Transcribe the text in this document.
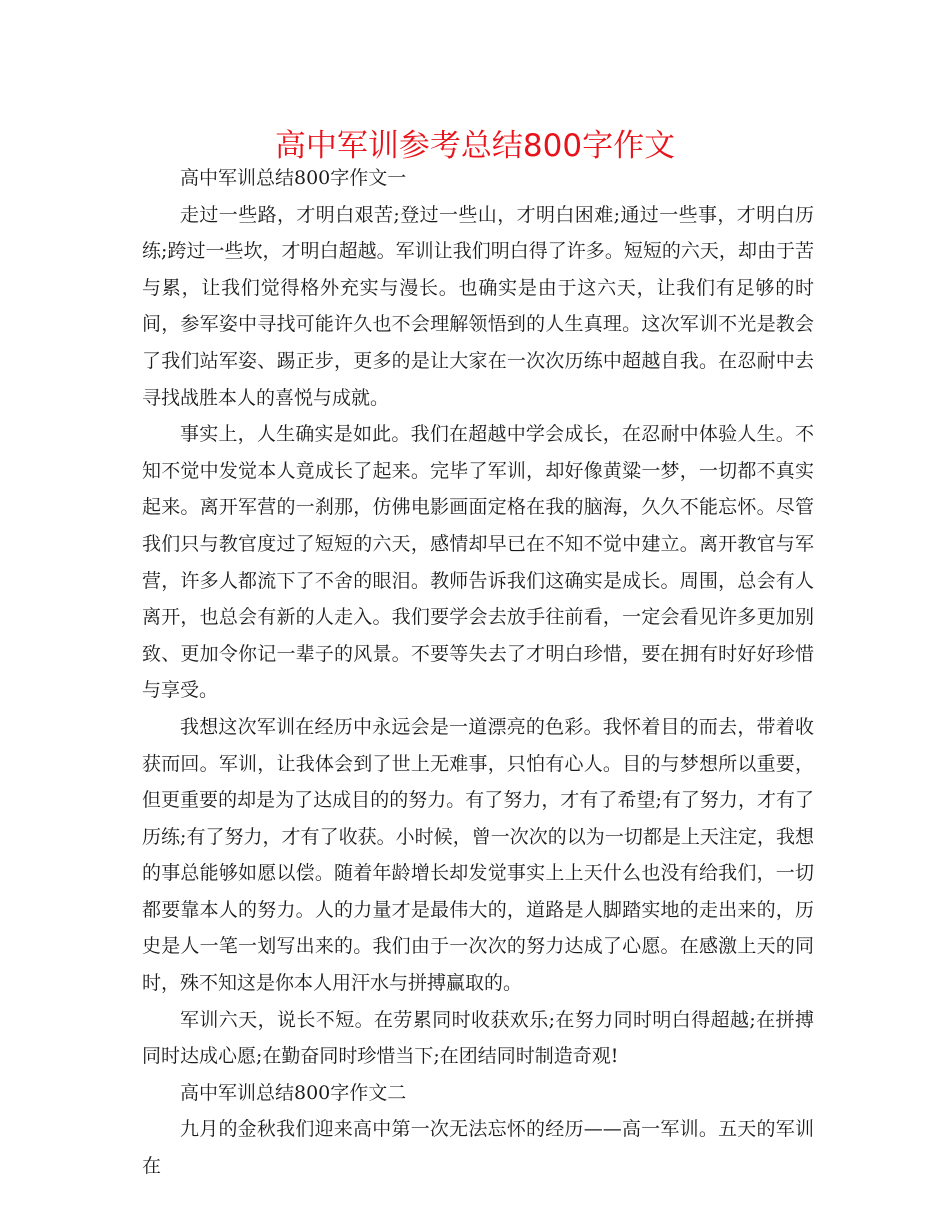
高中军训参考总结800字作文

高中军训总结800字作文一

走过一些路，才明白艰苦;登过一些山，才明白困难;通过一些事，才明白历练;跨过一些坎，才明白超越。军训让我们明白得了许多。短短的六天，却由于苦与累，让我们觉得格外充实与漫长。也确实是由于这六天，让我们有足够的时间，参军姿中寻找可能许久也不会理解领悟到的人生真理。这次军训不光是教会了我们站军姿、踢正步，更多的是让大家在一次次历练中超越自我。在忍耐中去寻找战胜本人的喜悦与成就。

事实上，人生确实是如此。我们在超越中学会成长，在忍耐中体验人生。不知不觉中发觉本人竟成长了起来。完毕了军训，却好像黄粱一梦，一切都不真实起来。离开军营的一刹那，仿佛电影画面定格在我的脑海，久久不能忘怀。尽管我们只与教官度过了短短的六天，感情却早已在不知不觉中建立。离开教官与军营，许多人都流下了不舍的眼泪。教师告诉我们这确实是成长。周围，总会有人离开，也总会有新的人走入。我们要学会去放手往前看，一定会看见许多更加别致、更加令你记一辈子的风景。不要等失去了才明白珍惜，要在拥有时好好珍惜与享受。

我想这次军训在经历中永远会是一道漂亮的色彩。我怀着目的而去，带着收获而回。军训，让我体会到了世上无难事，只怕有心人。目的与梦想所以重要，但更重要的却是为了达成目的的努力。有了努力，才有了希望;有了努力，才有了历练;有了努力，才有了收获。小时候，曾一次次的以为一切都是上天注定，我想的事总能够如愿以偿。随着年龄增长却发觉事实上上天什么也没有给我们，一切都要靠本人的努力。人的力量才是最伟大的，道路是人脚踏实地的走出来的，历史是人一笔一划写出来的。我们由于一次次的努力达成了心愿。在感激上天的同时，殊不知这是你本人用汗水与拼搏赢取的。

军训六天，说长不短。在劳累同时收获欢乐;在努力同时明白得超越;在拼搏同时达成心愿;在勤奋同时珍惜当下;在团结同时制造奇观!

高中军训总结800字作文二

九月的金秋我们迎来高中第一次无法忘怀的经历——高一军训。五天的军训在
